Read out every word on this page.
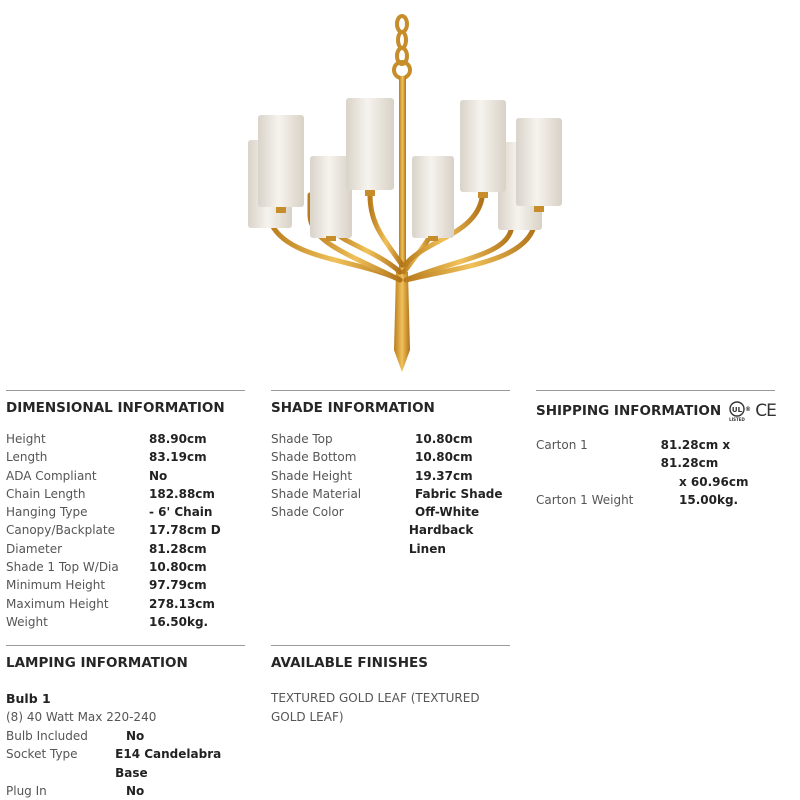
DIMENSIONAL INFORMATION
Height	88.90cm
Length	83.19cm
ADA Compliant	No
Chain Length	182.88cm
Hanging Type	- 6' Chain
Canopy/Backplate	17.78cm D
Diameter	81.28cm
Shade 1 Top W/Dia	10.80cm
Minimum Height	97.79cm
Maximum Height	278.13cm
Weight	16.50kg.
SHADE INFORMATION
Shade Top	10.80cm
Shade Bottom	10.80cm
Shade Height	19.37cm
Shade Material	Fabric Shade
Shade Color	Off-White
Hardback Linen
SHIPPING INFORMATION UL ®
LISTED CE
Carton 1	81.28cm x 81.28cm
x 60.96cm
Carton 1 Weight	15.00kg.
LAMPING INFORMATION
Bulb 1
(8) 40 Watt Max 220-240
Bulb Included	No
Socket Type	E14 Candelabra Base
Plug In	No
AVAILABLE FINISHES
TEXTURED GOLD LEAF (TEXTURED GOLD LEAF)
